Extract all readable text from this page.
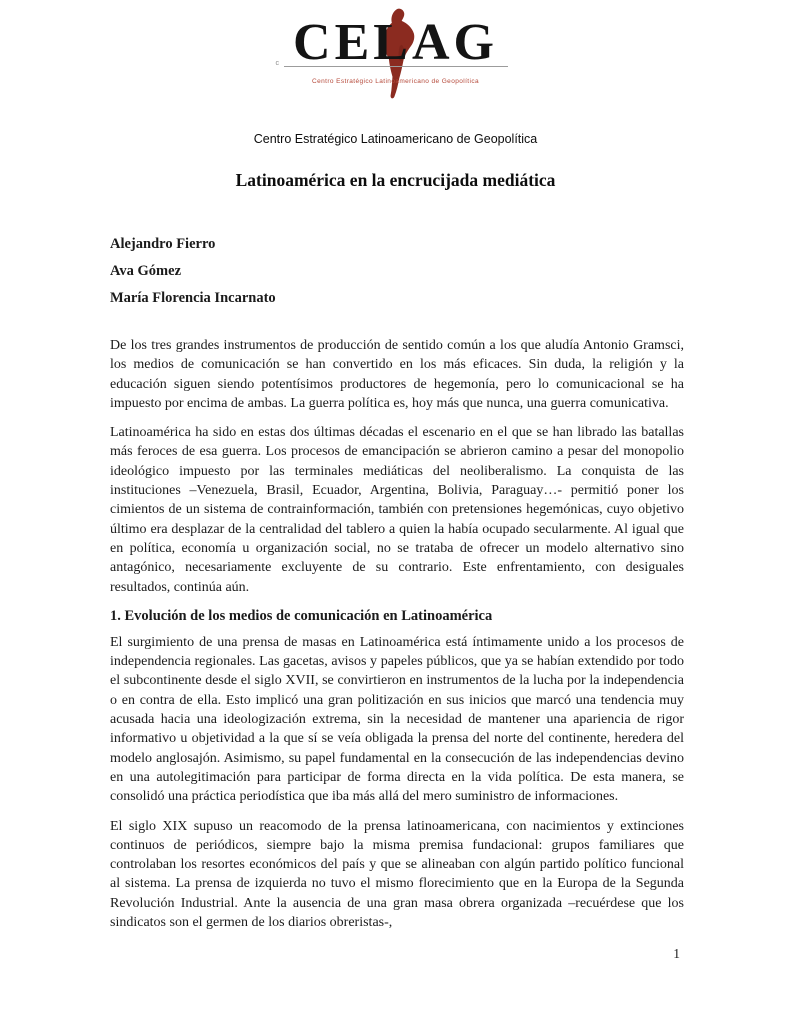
c CELAG
Centro Estratégico Latinoamericano de Geopolítica
Centro Estratégico Latinoamericano de Geopolítica
Latinoamérica en la encrucijada mediática
Alejandro Fierro
Ava Gómez
María Florencia Incarnato

De los tres grandes instrumentos de producción de sentido común a los que aludía Antonio Gramsci, los medios de comunicación se han convertido en los más eficaces. Sin duda, la religión y la educación siguen siendo potentísimos productores de hegemonía, pero lo comunicacional se ha impuesto por encima de ambas. La guerra política es, hoy más que nunca, una guerra comunicativa.

Latinoamérica ha sido en estas dos últimas décadas el escenario en el que se han librado las batallas más feroces de esa guerra. Los procesos de emancipación se abrieron camino a pesar del monopolio ideológico impuesto por las terminales mediáticas del neoliberalismo. La conquista de las instituciones –Venezuela, Brasil, Ecuador, Argentina, Bolivia, Paraguay…- permitió poner los cimientos de un sistema de contrainformación, también con pretensiones hegemónicas, cuyo objetivo último era desplazar de la centralidad del tablero a quien la había ocupado secularmente. Al igual que en política, economía u organización social, no se trataba de ofrecer un modelo alternativo sino antagónico, necesariamente excluyente de su contrario. Este enfrentamiento, con desiguales resultados, continúa aún.

1. Evolución de los medios de comunicación en Latinoamérica

El surgimiento de una prensa de masas en Latinoamérica está íntimamente unido a los procesos de independencia regionales. Las gacetas, avisos y papeles públicos, que ya se habían extendido por todo el subcontinente desde el siglo XVII, se convirtieron en instrumentos de la lucha por la independencia o en contra de ella. Esto implicó una gran politización en sus inicios que marcó una tendencia muy acusada hacia una ideologización extrema, sin la necesidad de mantener una apariencia de rigor informativo u objetividad a la que sí se veía obligada la prensa del norte del continente, heredera del modelo anglosajón. Asimismo, su papel fundamental en la consecución de las independencias devino en una autolegitimación para participar de forma directa en la vida política. De esta manera, se consolidó una práctica periodística que iba más allá del mero suministro de informaciones.

El siglo XIX supuso un reacomodo de la prensa latinoamericana, con nacimientos y extinciones continuos de periódicos, siempre bajo la misma premisa fundacional: grupos familiares que controlaban los resortes económicos del país y que se alineaban con algún partido político funcional al sistema. La prensa de izquierda no tuvo el mismo florecimiento que en la Europa de la Segunda Revolución Industrial. Ante la ausencia de una gran masa obrera organizada –recuérdese que los sindicatos son el germen de los diarios obreristas-,

1
